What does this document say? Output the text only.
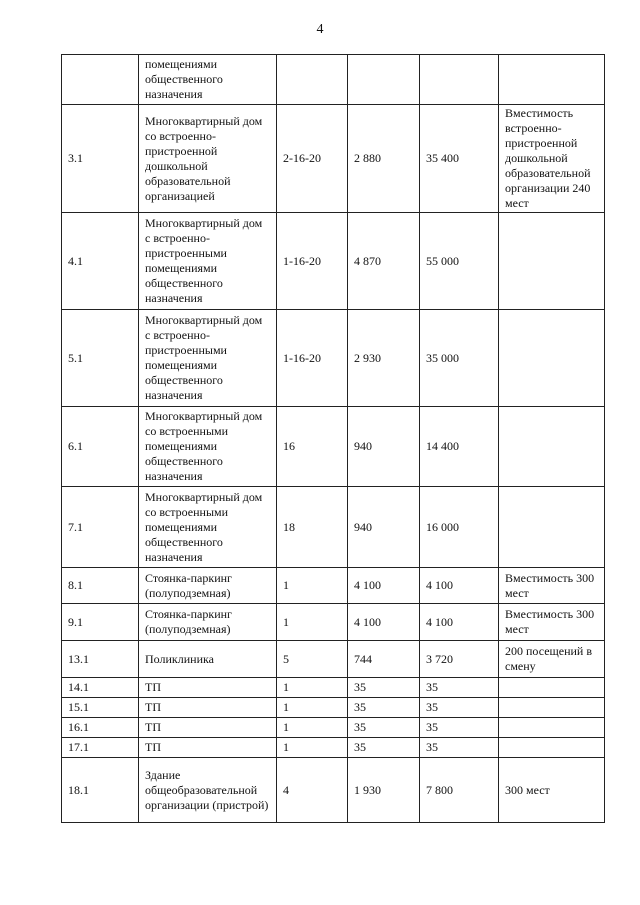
4
	помещениями общественного назначения				
3.1	Многоквартирный дом со встроенно-пристроенной дошкольной образовательной организацией	2-16-20	2 880	35 400	Вместимость встроенно-пристроенной дошкольной образовательной организации 240 мест
4.1	Многоквартирный дом с встроенно-пристроенными помещениями общественного назначения	1-16-20	4 870	55 000	
5.1	Многоквартирный дом с встроенно-пристроенными помещениями общественного назначения	1-16-20	2 930	35 000	
6.1	Многоквартирный дом со встроенными помещениями общественного назначения	16	940	14 400	
7.1	Многоквартирный дом со встроенными помещениями общественного назначения	18	940	16 000	
8.1	Стоянка-паркинг (полуподземная)	1	4 100	4 100	Вместимость 300 мест
9.1	Стоянка-паркинг (полуподземная)	1	4 100	4 100	Вместимость 300 мест
13.1	Поликлиника	5	744	3 720	200 посещений в смену
14.1	ТП	1	35	35	
15.1	ТП	1	35	35	
16.1	ТП	1	35	35	
17.1	ТП	1	35	35	
18.1	Здание общеобразовательной организации (пристрой)	4	1 930	7 800	300 мест
